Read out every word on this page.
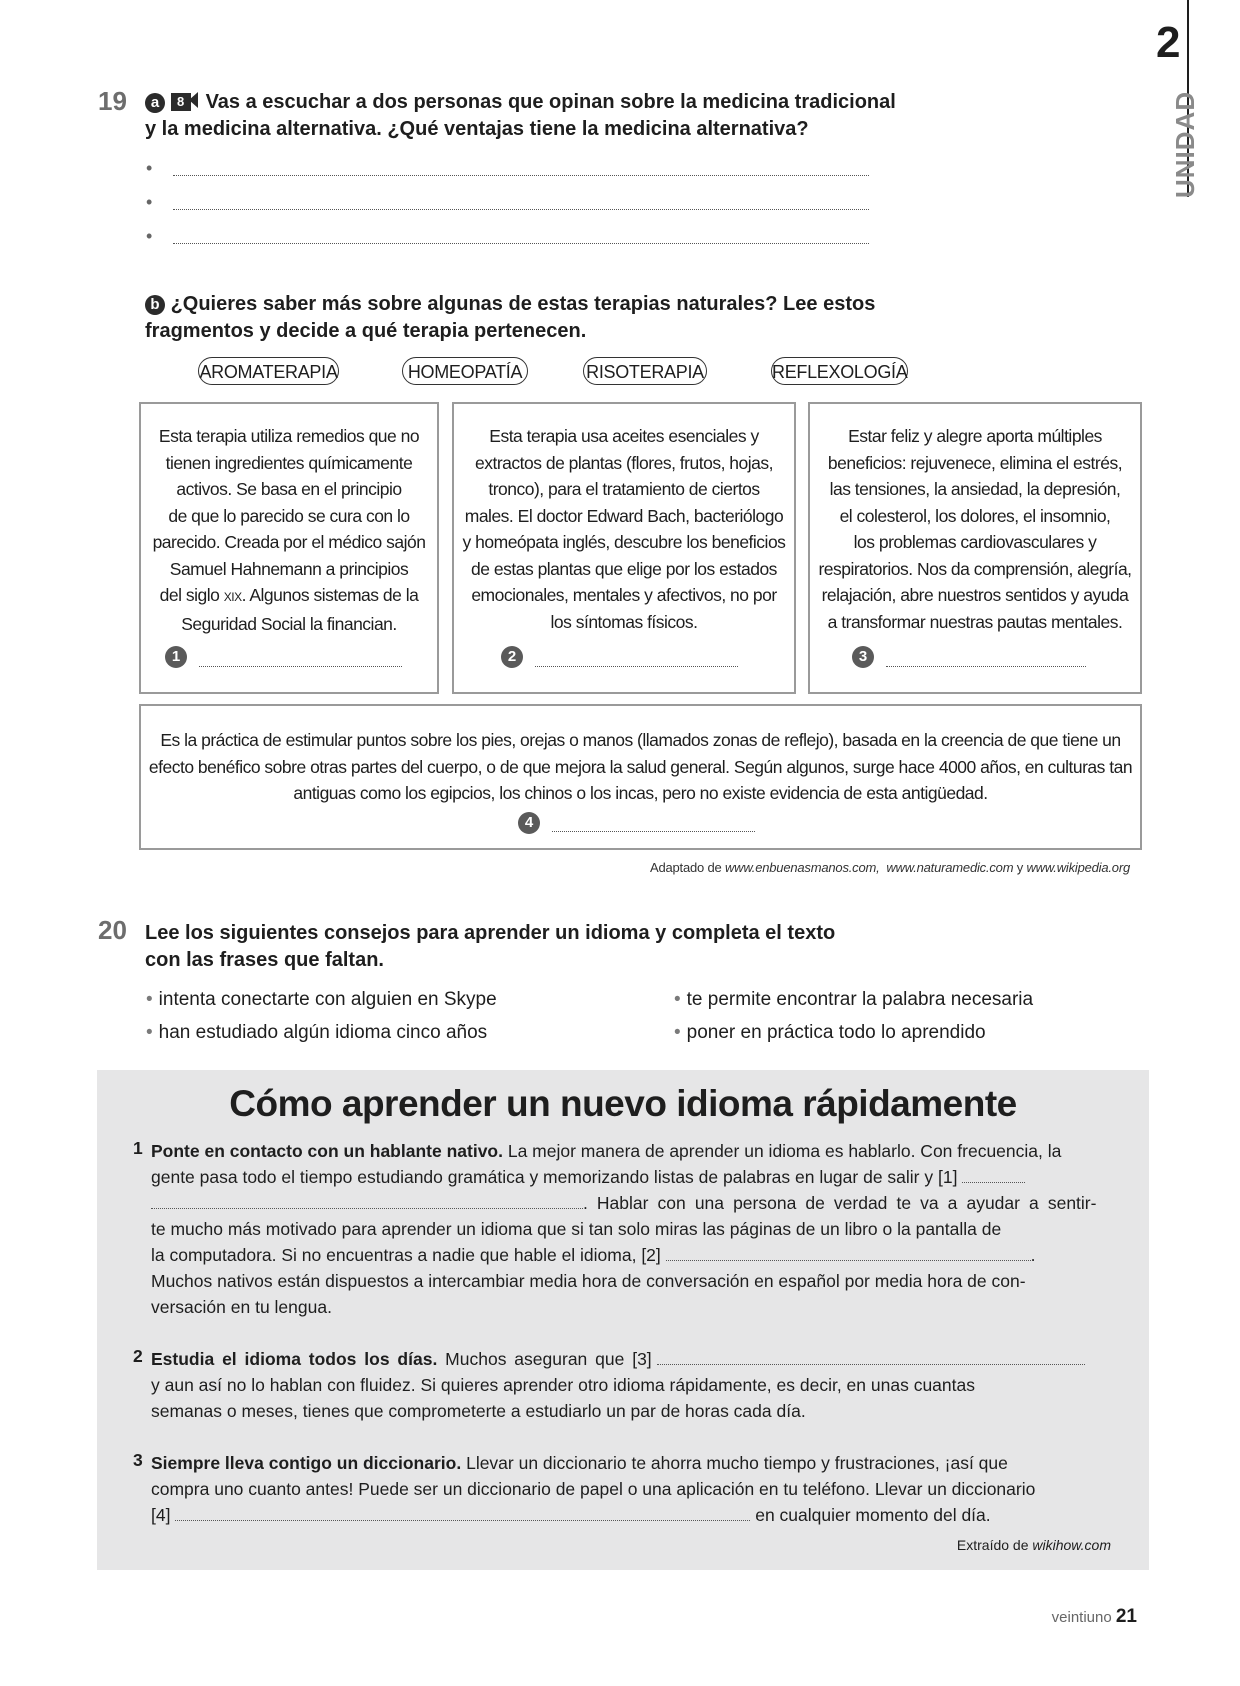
2
UNIDAD
19	a 8 Vas a escuchar a dos personas que opinan sobre la medicina tradicional
y la medicina alternativa. ¿Qué ventajas tiene la medicina alternativa?
•
•
•
b ¿Quieres saber más sobre algunas de estas terapias naturales? Lee estos
fragmentos y decide a qué terapia pertenecen.
AROMATERAPIA	HOMEOPATÍA	RISOTERAPIA	REFLEXOLOGÍA
Esta terapia utiliza remedios que no
tienen ingredientes químicamente
activos. Se basa en el principio
de que lo parecido se cura con lo
parecido. Creada por el médico sajón
Samuel Hahnemann a principios
del siglo XIX. Algunos sistemas de la
Seguridad Social la financian.
1
Esta terapia usa aceites esenciales y
extractos de plantas (flores, frutos, hojas,
tronco), para el tratamiento de ciertos
males. El doctor Edward Bach, bacteriólogo
y homeópata inglés, descubre los beneficios
de estas plantas que elige por los estados
emocionales, mentales y afectivos, no por
los síntomas físicos.
2
Estar feliz y alegre aporta múltiples
beneficios: rejuvenece, elimina el estrés,
las tensiones, la ansiedad, la depresión,
el colesterol, los dolores, el insomnio,
los problemas cardiovasculares y
respiratorios. Nos da comprensión, alegría,
relajación, abre nuestros sentidos y ayuda
a transformar nuestras pautas mentales.
3
Es la práctica de estimular puntos sobre los pies, orejas o manos (llamados zonas de reflejo), basada en la creencia de que tiene un
efecto benéfico sobre otras partes del cuerpo, o de que mejora la salud general. Según algunos, surge hace 4000 años, en culturas tan
antiguas como los egipcios, los chinos o los incas, pero no existe evidencia de esta antigüedad.
4
Adaptado de www.enbuenasmanos.com, www.naturamedic.com y www.wikipedia.org
20 Lee los siguientes consejos para aprender un idioma y completa el texto
con las frases que faltan.
• intenta conectarte con alguien en Skype	• te permite encontrar la palabra necesaria
• han estudiado algún idioma cinco años	• poner en práctica todo lo aprendido
Cómo aprender un nuevo idioma rápidamente
1 Ponte en contacto con un hablante nativo. La mejor manera de aprender un idioma es hablarlo. Con frecuencia, la
gente pasa todo el tiempo estudiando gramática y memorizando listas de palabras en lugar de salir y [1]
. Hablar con una persona de verdad te va a ayudar a sentir-
te mucho más motivado para aprender un idioma que si tan solo miras las páginas de un libro o la pantalla de
la computadora. Si no encuentras a nadie que hable el idioma, [2]	.
Muchos nativos están dispuestos a intercambiar media hora de conversación en español por media hora de con-
versación en tu lengua.
2 Estudia el idioma todos los días. Muchos aseguran que [3]
y aun así no lo hablan con fluidez. Si quieres aprender otro idioma rápidamente, es decir, en unas cuantas
semanas o meses, tienes que comprometerte a estudiarlo un par de horas cada día.
3 Siempre lleva contigo un diccionario. Llevar un diccionario te ahorra mucho tiempo y frustraciones, ¡así que
compra uno cuanto antes! Puede ser un diccionario de papel o una aplicación en tu teléfono. Llevar un diccionario
[4]	en cualquier momento del día.
Extraído de wikihow.com
veintiuno 21
